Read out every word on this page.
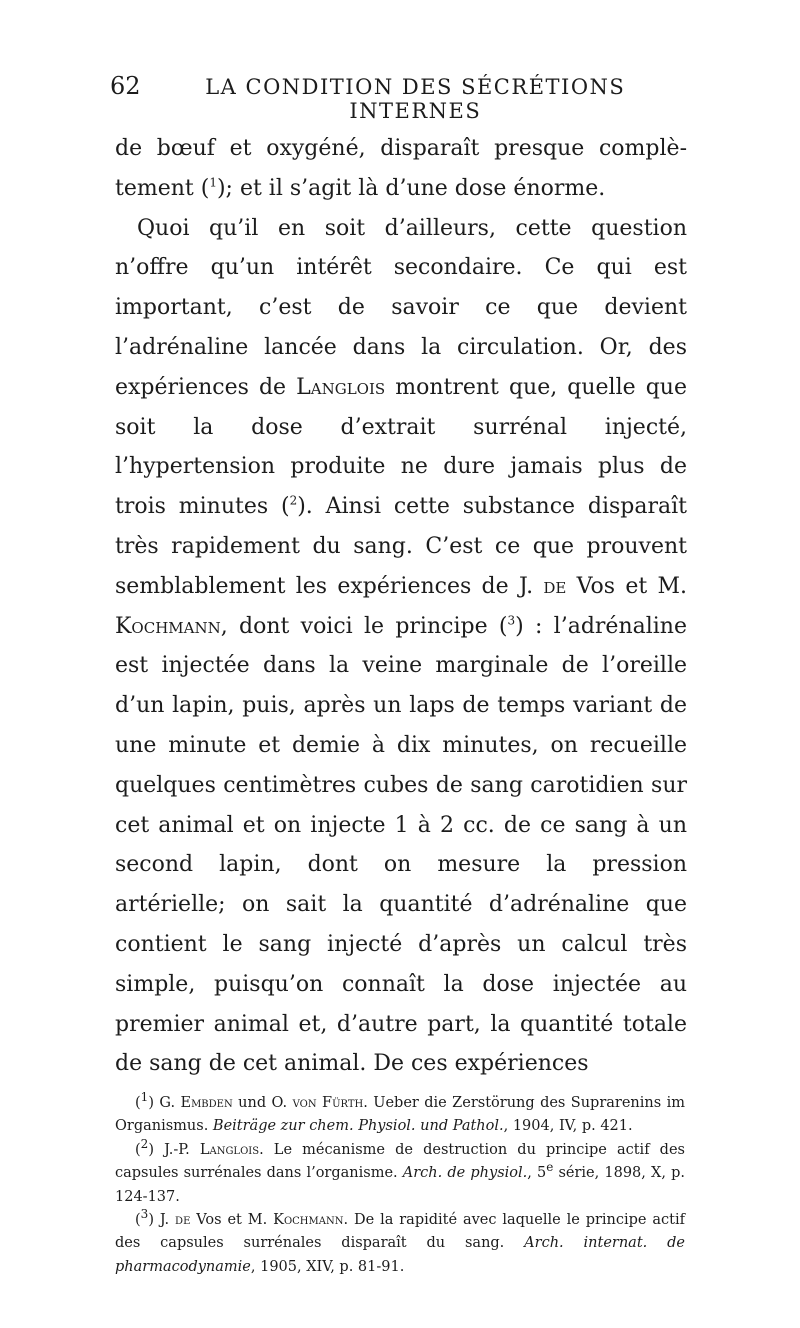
62	LA CONDITION DES SÉCRÉTIONS INTERNES

de bœuf et oxygéné, disparaît presque complètement ($^1$); et il s’agit là d’une dose énorme.

Quoi qu’il en soit d’ailleurs, cette question n’offre qu’un intérêt secondaire. Ce qui est important, c’est de savoir ce que devient l’adrénaline lancée dans la circulation. Or, des expériences de Langlois montrent que, quelle que soit la dose d’extrait surrénal injecté, l’hypertension produite ne dure jamais plus de trois minutes ($^2$). Ainsi cette substance disparaît très rapidement du sang. C’est ce que prouvent semblablement les expériences de J. de Vos et M. Kochmann, dont voici le principe ($^3$) : l’adrénaline est injectée dans la veine marginale de l’oreille d’un lapin, puis, après un laps de temps variant de une minute et demie à dix minutes, on recueille quelques centimètres cubes de sang carotidien sur cet animal et on injecte 1 à 2 cc. de ce sang à un second lapin, dont on mesure la pression artérielle; on sait la quantité d’adrénaline que contient le sang injecté d’après un calcul très simple, puisqu’on connaît la dose injectée au premier animal et, d’autre part, la quantité totale de sang de cet animal. De ces expériences

($^1$) G. Embden und O. von Fürth. Ueber die Zerstörung des Suprarenins im Organismus. Beiträge zur chem. Physiol. und Pathol., 1904, IV, p. 421.

($^2$) J.-P. Langlois. Le mécanisme de destruction du principe actif des capsules surrénales dans l’organisme. Arch. de physiol., 5e série, 1898, X, p. 124-137.

($^3$) J. de Vos et M. Kochmann. De la rapidité avec laquelle le principe actif des capsules surrénales disparaît du sang. Arch. internat. de pharmacodynamie, 1905, XIV, p. 81-91.
